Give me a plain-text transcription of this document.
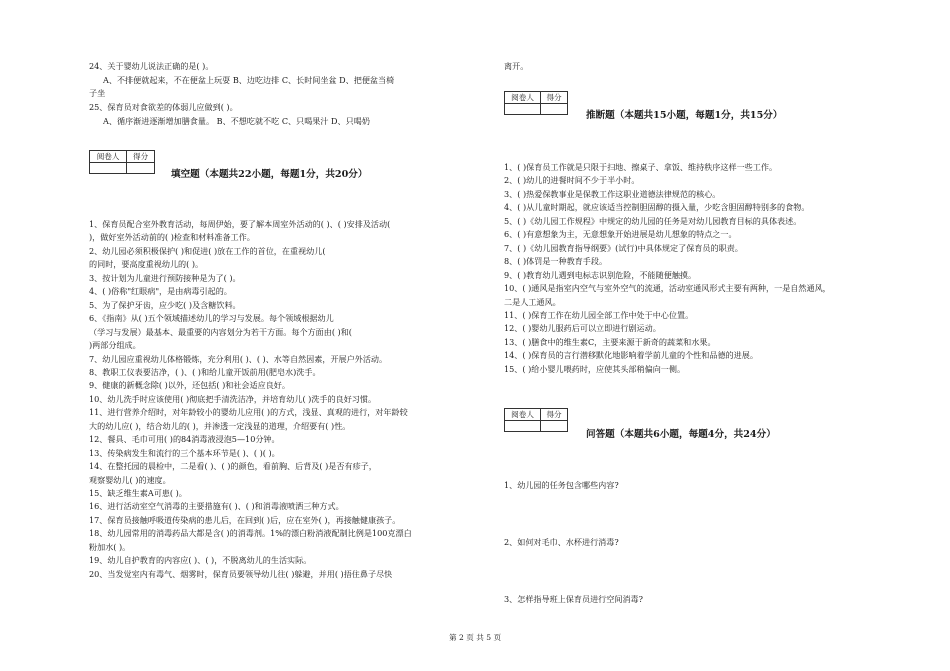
24、关于婴幼儿说法正确的是( )。
A、不排便就起来，不在便盆上玩耍 B、边吃边排 C、长时间坐盆 D、把便盆当椅
子坐
25、保育员对食欲差的体弱儿应做到( )。
A、循序渐进逐渐增加膳食量。 B、不想吃就不吃 C、只喝果汁 D、只喝奶
阅卷人	得分

填空题（本题共22小题，每题1分，共20分）
1、保育员配合室外教育活动，每周伊始，要了解本周室外活动的( )、( )安排及活动(
)，做好室外活动前的( )检查和材料准备工作。
2、幼儿园必须积极保护( )和促进( )放在工作的首位，在重视幼儿(
的同时，要高度重视幼儿的( )。
3、按计划为儿童进行预防接种是为了( )。
4、( )俗称"红眼病"，是由病毒引起的。
5、为了保护牙齿，应少吃( )及含糖饮料。
6、《指南》从( )五个领域描述幼儿的学习与发展。每个领域根据幼儿
（学习与发展）最基本、最重要的内容划分为若干方面。每个方面由( )和(
)两部分组成。
7、幼儿园应重视幼儿体格锻炼，充分利用( )、( )、水等自然因素，开展户外活动。
8、教职工仪表要洁净，( )、( )和给儿童开饭前用(肥皂水)洗手。
9、健康的新概念除( )以外，还包括( )和社会适应良好。
10、幼儿洗手时应该使用( )彻底把手清洗洁净，并培育幼儿( )洗手的良好习惯。
11、进行营养介绍时，对年龄较小的婴幼儿应用( )的方式，浅显、真观的进行，对年龄较
大的幼儿应( )，结合幼儿的( )，并渗透一定浅显的道理，介绍要有( )性。
12、餐具、毛巾可用( )的84消毒液浸泡5—10分钟。
13、传染病发生和流行的三个基本环节是( )、( )( )。
14、在整托园的晨检中，二是看( )、( )的颜色，看前胸、后背及( )是否有疹子，
观察婴幼儿( )的速度。
15、缺乏维生素A可患( )。
16、进行活动室空气消毒的主要措施有( )、( )和消毒液喷洒三种方式。
17、保育员接触呼吸道传染病的患儿后，在回到( )后，应在室外( )，再接触健康孩子。
18、幼儿园常用的消毒药品大都是含( )的消毒剂。1%的漂白粉消液配制比例是100克漂白
粉加水( )。
19、幼儿自护教育的内容应( )、( )，不脱离幼儿的生活实际。
20、当发觉室内有毒气、烟雾时，保育员要领导幼儿往( )躲避，并用( )捂住鼻子尽快
离开。
阅卷人	得分

推断题（本题共15小题，每题1分，共15分）
1、( )保育员工作就是只限于扫地、擦桌子、拿饭、维持秩序这样一些工作。
2、( )幼儿的进餐时间不少于半小时。
3、( )热爱保教事业是保教工作这职业道德法律规范的核心。
4、( )从儿童时期起，就应该适当控制胆固醇的摄入量，少吃含胆固醇特别多的食物。
5、( )《幼儿园工作规程》中规定的幼儿园的任务是对幼儿园教育目标的具体表述。
6、( )有意想象为主，无意想象开始进展是幼儿想象的特点之一。
7、( )《幼儿园教育指导纲要》(试行)中具体规定了保育员的职责。
8、( )体罚是一种教育手段。
9、( )教育幼儿遇到电标志识别危险，不能随便触摸。
10、( )通风是指室内空气与室外空气的流通，活动室通风形式主要有两种，一是自然通风，
二是人工通风。
11、( )保育工作在幼儿园全部工作中处于中心位置。
12、( )婴幼儿服药后可以立即进行剧运动。
13、( )膳食中的维生素C，主要来源于新奇的蔬菜和水果。
14、( )保育员的言行潜移默化地影响着学前儿童的个性和品德的进展。
15、( )给小婴儿喂药时，应使其头部稍偏向一侧。
阅卷人	得分

问答题（本题共6小题，每题4分，共24分）
1、幼儿园的任务包含哪些内容?
2、如何对毛巾、水杯进行消毒?
3、怎样指导班上保育员进行空间消毒?
第 2 页 共 5 页
